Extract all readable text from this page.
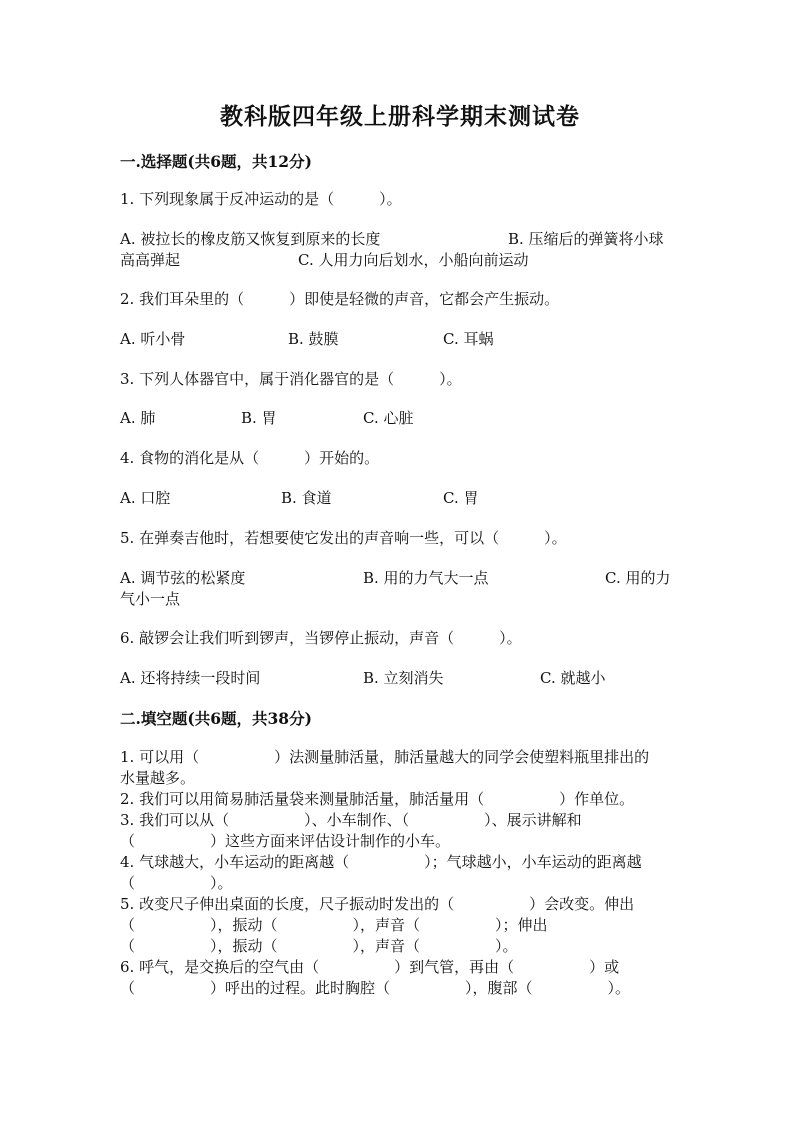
教科版四年级上册科学期末测试卷
一.选择题(共6题，共12分)
1. 下列现象属于反冲运动的是（　　　）。
A. 被拉长的橡皮筋又恢复到原来的长度	B. 压缩后的弹簧将小球
高高弹起	C. 人用力向后划水，小船向前运动
2. 我们耳朵里的（　　　）即使是轻微的声音，它都会产生振动。
A. 听小骨	B. 鼓膜	C. 耳蜗
3. 下列人体器官中，属于消化器官的是（　　　）。
A. 肺	B. 胃	C. 心脏
4. 食物的消化是从（　　　）开始的。
A. 口腔	B. 食道	C. 胃
5. 在弹奏吉他时，若想要使它发出的声音响一些，可以（　　　）。
A. 调节弦的松紧度	B. 用的力气大一点	C. 用的力
气小一点
6. 敲锣会让我们听到锣声，当锣停止振动，声音（　　　）。
A. 还将持续一段时间	B. 立刻消失	C. 就越小
二.填空题(共6题，共38分)
1. 可以用（　　　　　）法测量肺活量，肺活量越大的同学会使塑料瓶里排出的
水量越多。
2. 我们可以用简易肺活量袋来测量肺活量，肺活量用（　　　　　）作单位。
3. 我们可以从（　　　　　）、小车制作、（　　　　　）、展示讲解和
（　　　　　）这些方面来评估设计制作的小车。
4. 气球越大，小车运动的距离越（　　　　　）；气球越小，小车运动的距离越
（　　　　　）。
5. 改变尺子伸出桌面的长度，尺子振动时发出的（　　　　　）会改变。伸出
（　　　　　），振动（　　　　　），声音（　　　　　）；伸出
（　　　　　），振动（　　　　　），声音（　　　　　）。
6. 呼气，是交换后的空气由（　　　　　）到气管，再由（　　　　　）或
（　　　　　）呼出的过程。此时胸腔（　　　　　），腹部（　　　　　）。
